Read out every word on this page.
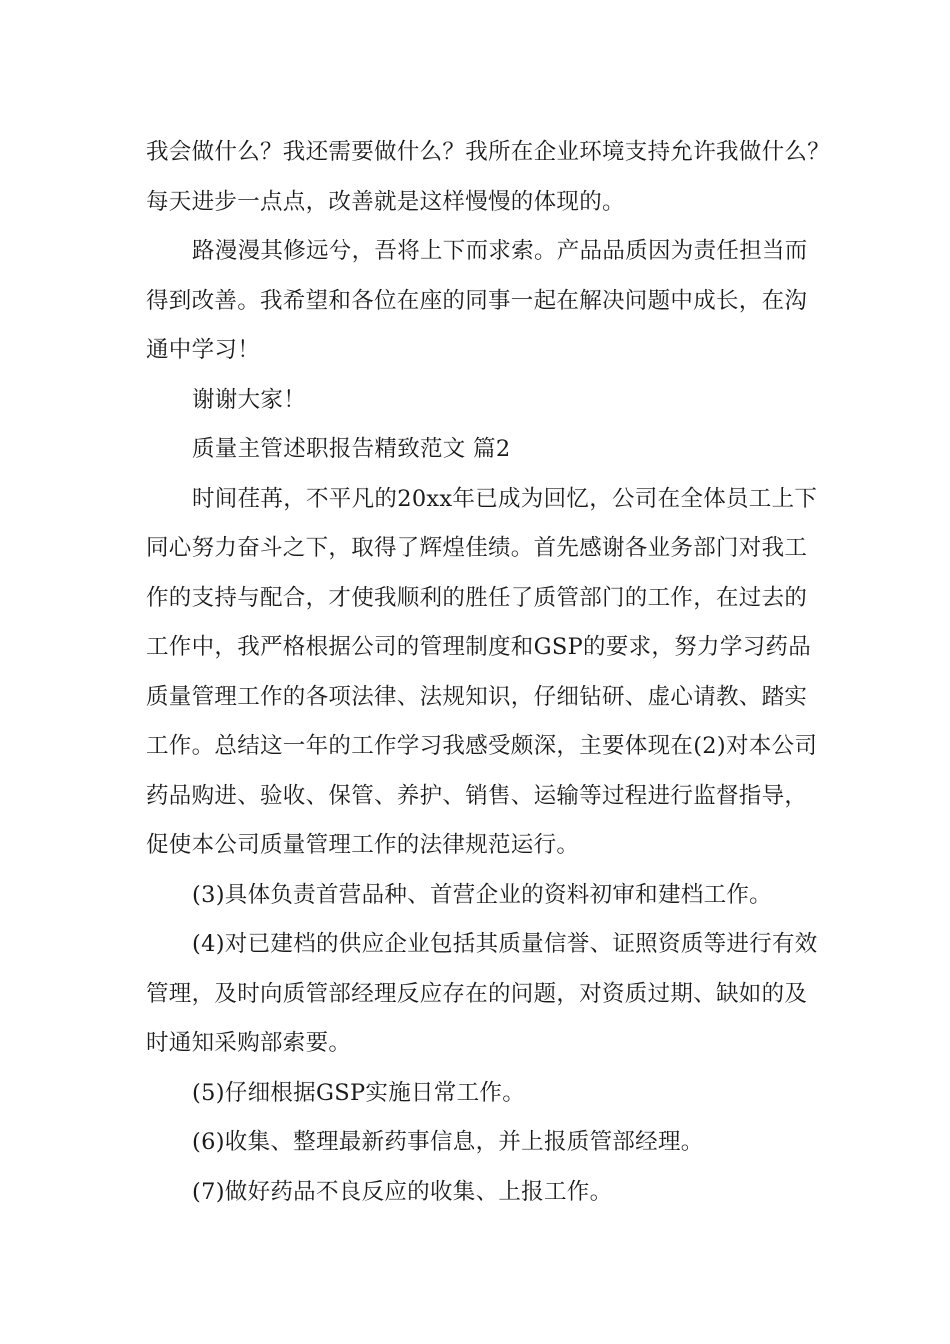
我会做什么？我还需要做什么？我所在企业环境支持允许我做什么？
每天进步一点点，改善就是这样慢慢的体现的。

路漫漫其修远兮，吾将上下而求索。产品品质因为责任担当而

得到改善。我希望和各位在座的同事一起在解决问题中成长，在沟
通中学习！

谢谢大家！

质量主管述职报告精致范文 篇2

时间荏苒，不平凡的20xx年已成为回忆，公司在全体员工上下

同心努力奋斗之下，取得了辉煌佳绩。首先感谢各业务部门对我工
作的支持与配合，才使我顺利的胜任了质管部门的工作，在过去的
工作中，我严格根据公司的管理制度和GSP的要求，努力学习药品
质量管理工作的各项法律、法规知识，仔细钻研、虚心请教、踏实
工作。总结这一年的工作学习我感受颇深，主要体现在(2)对本公司
药品购进、验收、保管、养护、销售、运输等过程进行监督指导，
促使本公司质量管理工作的法律规范运行。

(3)具体负责首营品种、首营企业的资料初审和建档工作。

(4)对已建档的供应企业包括其质量信誉、证照资质等进行有效

管理，及时向质管部经理反应存在的问题，对资质过期、缺如的及
时通知采购部索要。

(5)仔细根据GSP实施日常工作。

(6)收集、整理最新药事信息，并上报质管部经理。

(7)做好药品不良反应的收集、上报工作。
